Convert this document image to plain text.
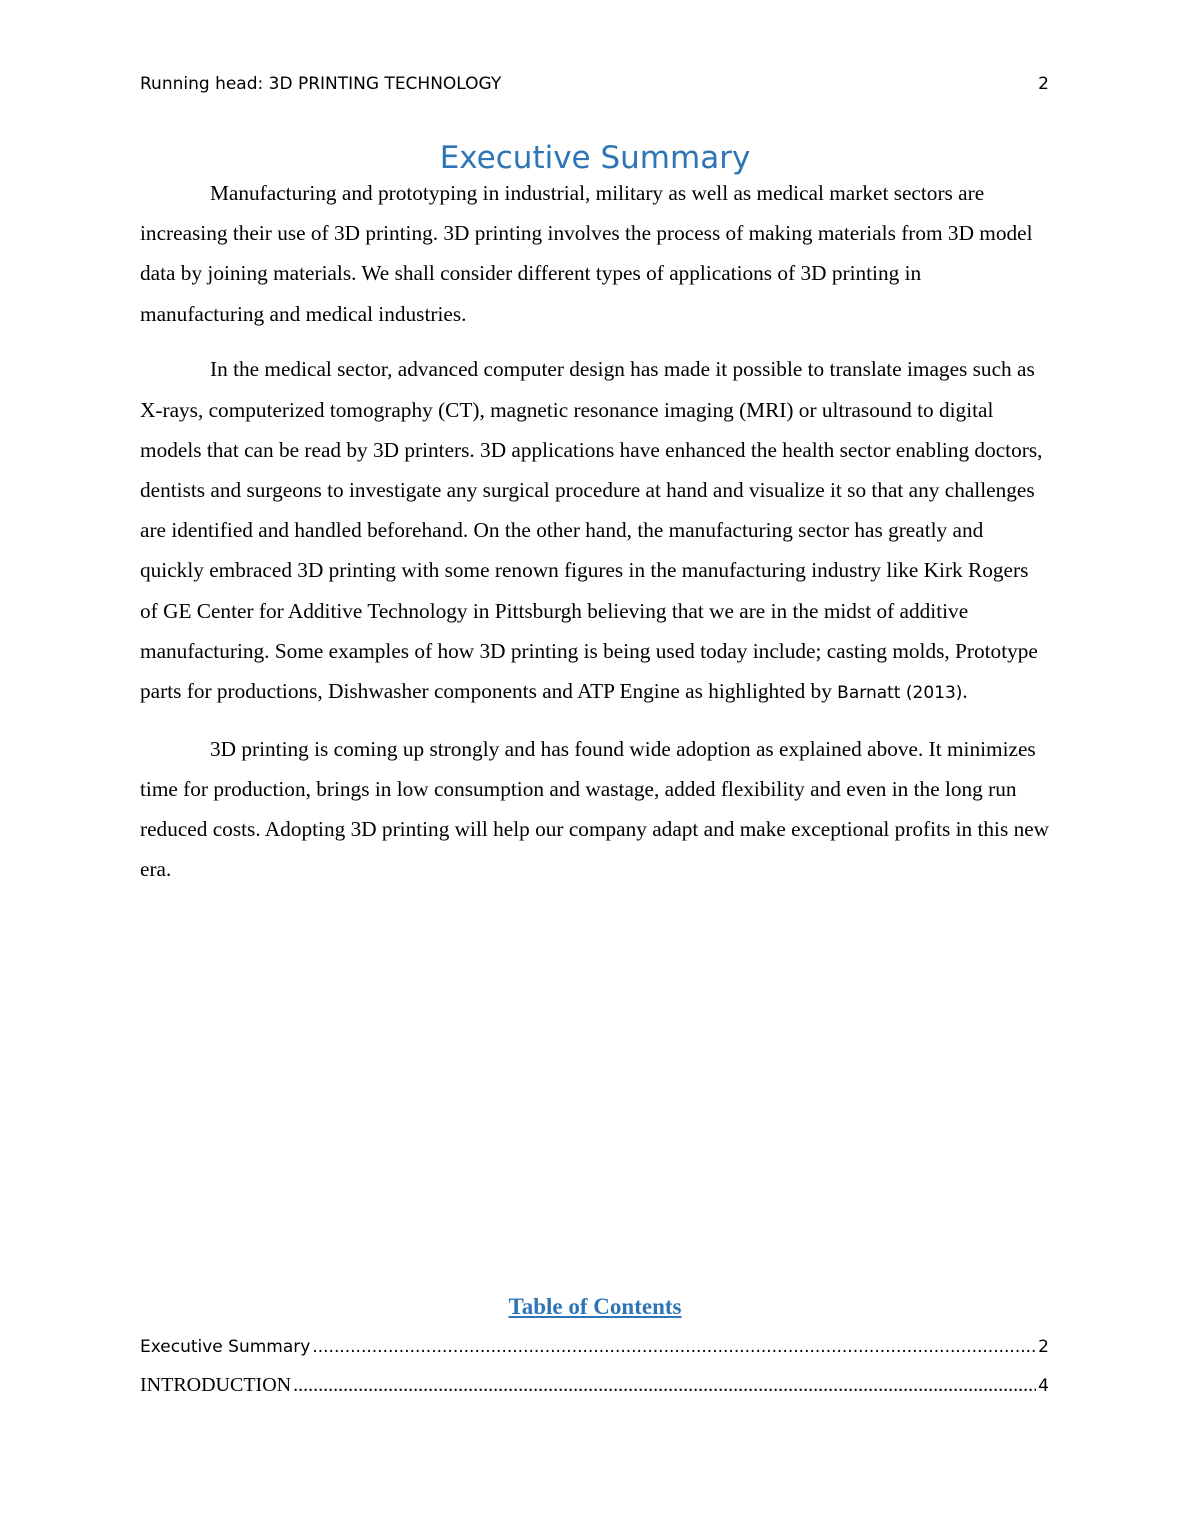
Running head: 3D PRINTING TECHNOLOGY	2
Executive Summary

Manufacturing and prototyping in industrial, military as well as medical market sectors are increasing their use of 3D printing. 3D printing involves the process of making materials from 3D model data by joining materials. We shall consider different types of applications of 3D printing in manufacturing and medical industries.

In the medical sector, advanced computer design has made it possible to translate images such as X-rays, computerized tomography (CT), magnetic resonance imaging (MRI) or ultrasound to digital models that can be read by 3D printers. 3D applications have enhanced the health sector enabling doctors, dentists and surgeons to investigate any surgical procedure at hand and visualize it so that any challenges are identified and handled beforehand. On the other hand, the manufacturing sector has greatly and quickly embraced 3D printing with some renown figures in the manufacturing industry like Kirk Rogers of GE Center for Additive Technology in Pittsburgh believing that we are in the midst of additive manufacturing. Some examples of how 3D printing is being used today include; casting molds, Prototype parts for productions, Dishwasher components and ATP Engine as highlighted by Barnatt (2013).

3D printing is coming up strongly and has found wide adoption as explained above. It minimizes time for production, brings in low consumption and wastage, added flexibility and even in the long run reduced costs. Adopting 3D printing will help our company adapt and make exceptional profits in this new era.

Table of Contents
Executive Summary .....	2
INTRODUCTION .....	4
